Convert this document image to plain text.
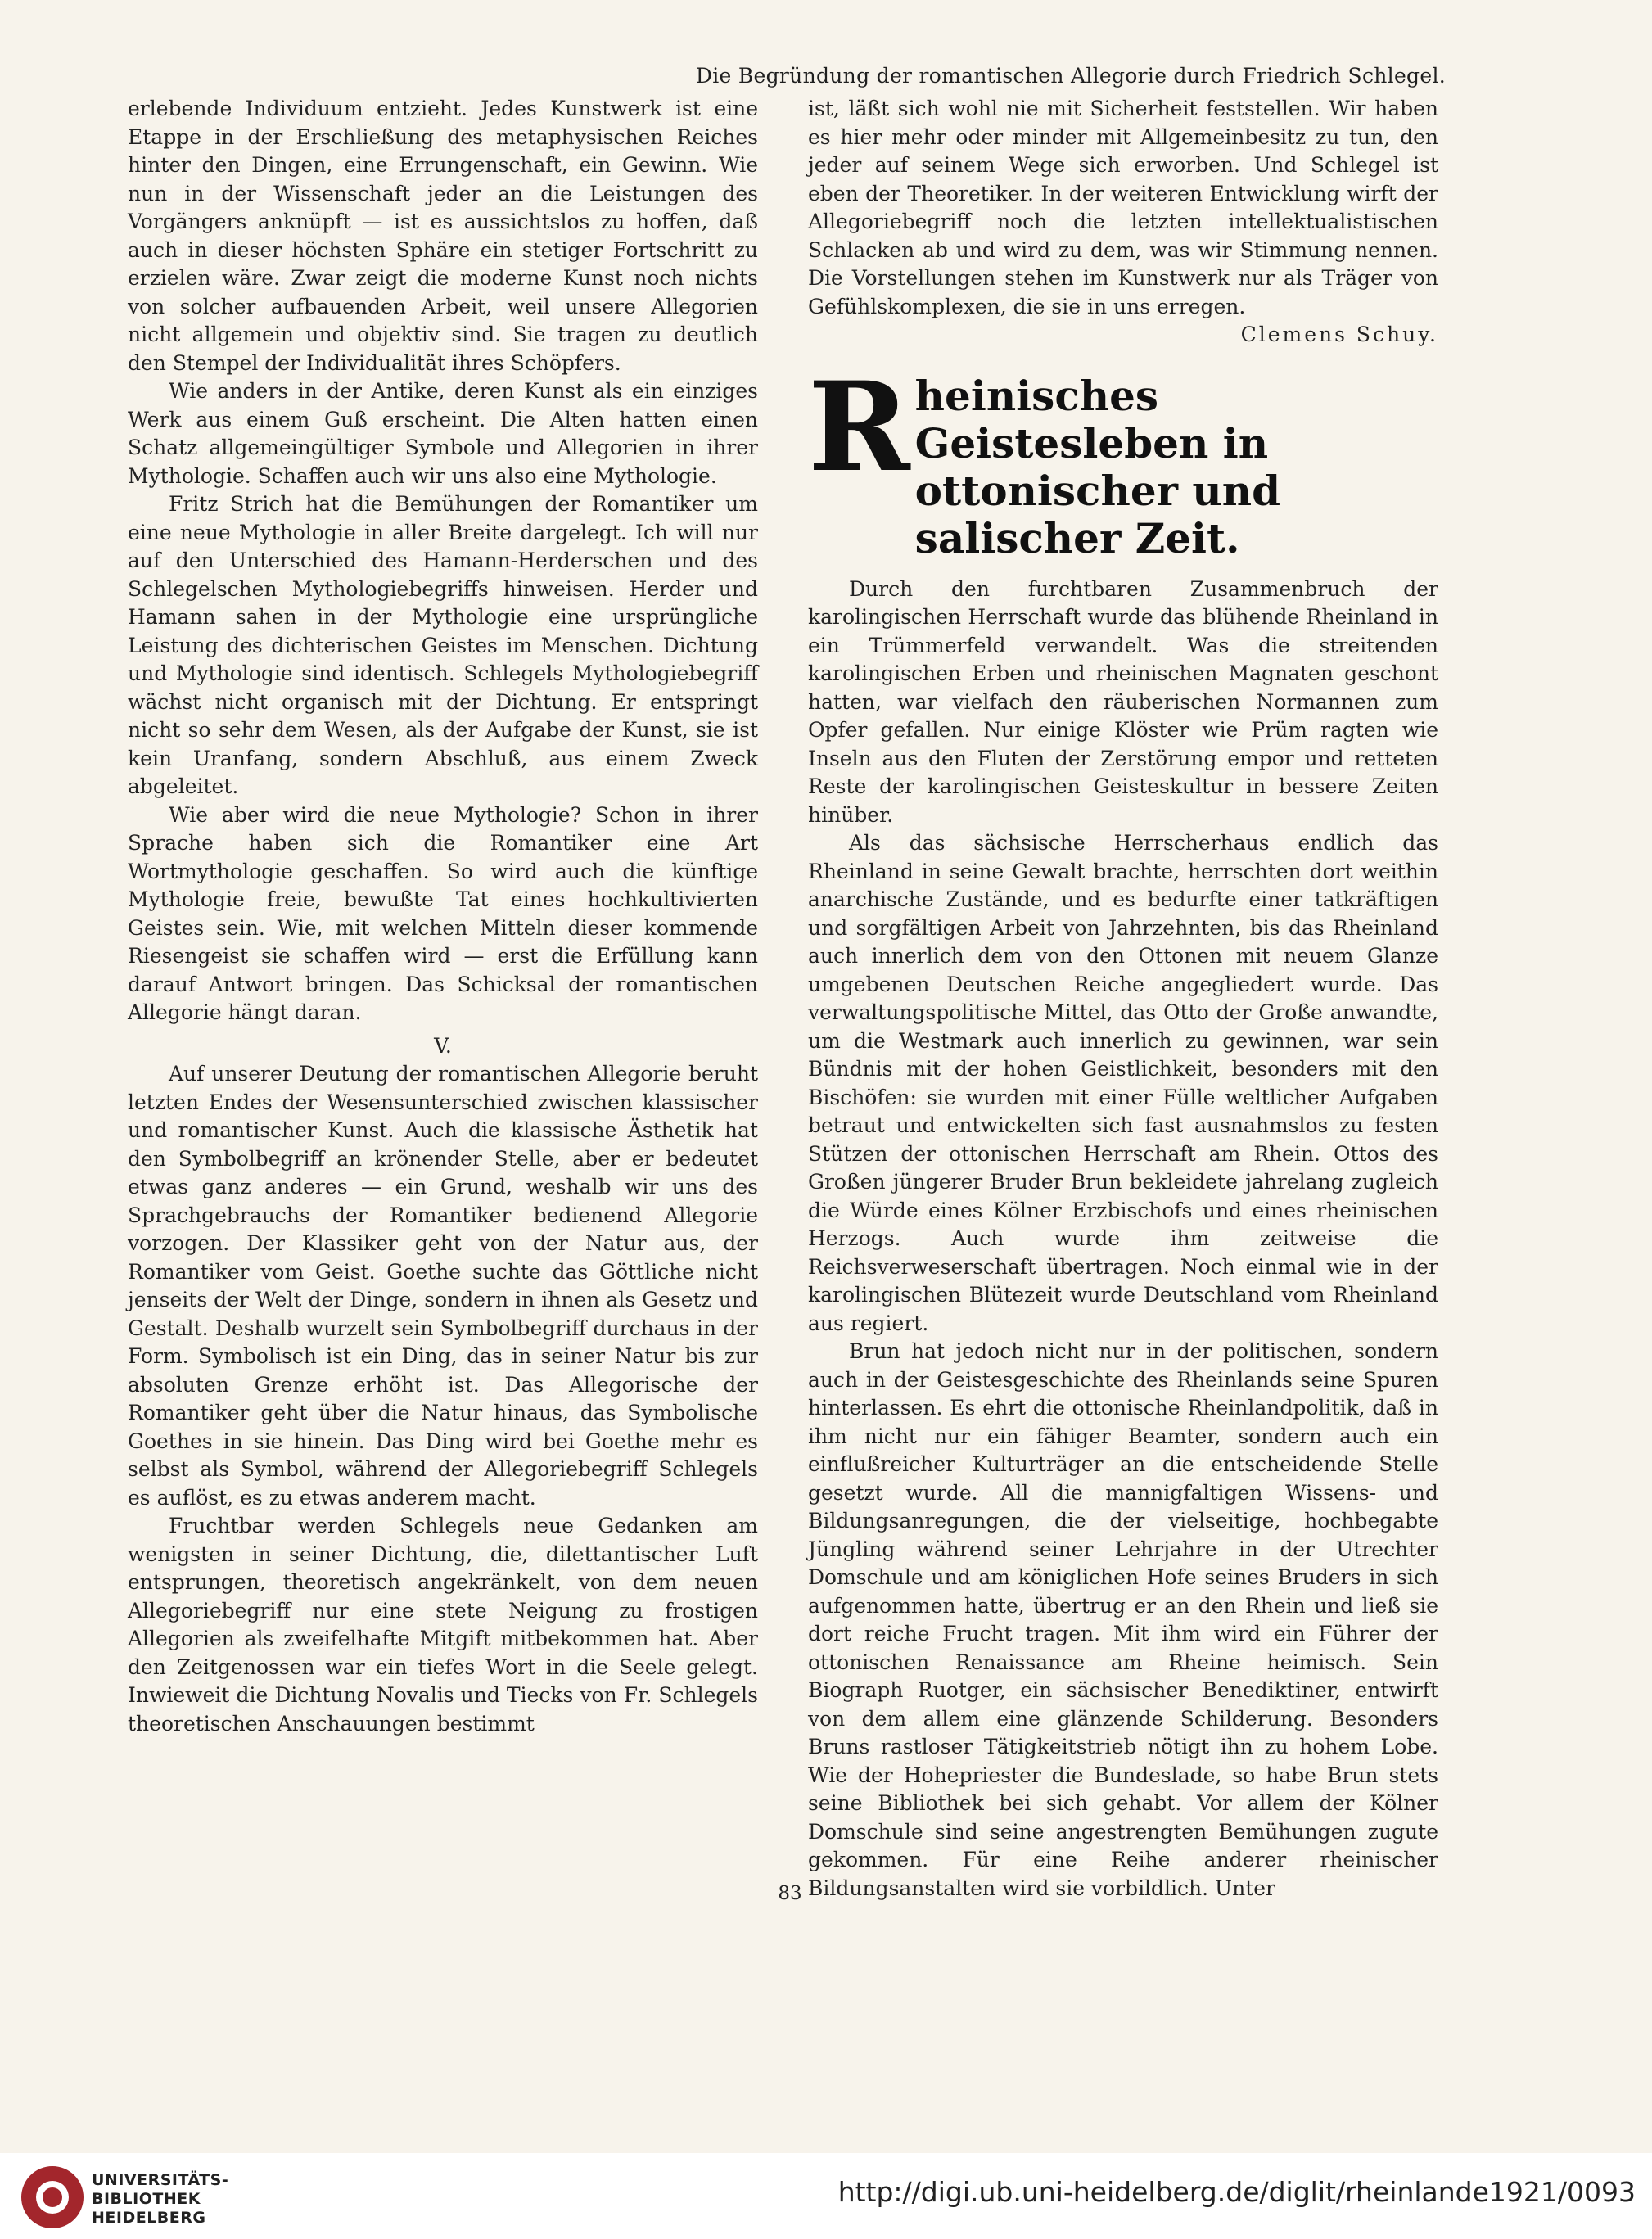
Die Begründung der romantischen Allegorie durch Friedrich Schlegel.

erlebende Individuum entzieht. Jedes Kunstwerk ist eine Etappe in der Erschließung des metaphysischen Reiches hinter den Dingen, eine Errungenschaft, ein Gewinn. Wie nun in der Wissenschaft jeder an die Leistungen des Vorgängers anknüpft — ist es aussichtslos zu hoffen, daß auch in dieser höchsten Sphäre ein stetiger Fortschritt zu erzielen wäre. Zwar zeigt die moderne Kunst noch nichts von solcher aufbauenden Arbeit, weil unsere Allegorien nicht allgemein und objektiv sind. Sie tragen zu deutlich den Stempel der Individualität ihres Schöpfers.

Wie anders in der Antike, deren Kunst als ein einziges Werk aus einem Guß erscheint. Die Alten hatten einen Schatz allgemeingültiger Symbole und Allegorien in ihrer Mythologie. Schaffen auch wir uns also eine Mythologie.

Fritz Strich hat die Bemühungen der Romantiker um eine neue Mythologie in aller Breite dargelegt. Ich will nur auf den Unterschied des Hamann-Herderschen und des Schlegelschen Mythologiebegriffs hinweisen. Herder und Hamann sahen in der Mythologie eine ursprüngliche Leistung des dichterischen Geistes im Menschen. Dichtung und Mythologie sind identisch. Schlegels Mythologiebegriff wächst nicht organisch mit der Dichtung. Er entspringt nicht so sehr dem Wesen, als der Aufgabe der Kunst, sie ist kein Uranfang, sondern Abschluß, aus einem Zweck abgeleitet.

Wie aber wird die neue Mythologie? Schon in ihrer Sprache haben sich die Romantiker eine Art Wortmythologie geschaffen. So wird auch die künftige Mythologie freie, bewußte Tat eines hochkultivierten Geistes sein. Wie, mit welchen Mitteln dieser kommende Riesengeist sie schaffen wird — erst die Erfüllung kann darauf Antwort bringen. Das Schicksal der romantischen Allegorie hängt daran.

V.

Auf unserer Deutung der romantischen Allegorie beruht letzten Endes der Wesensunterschied zwischen klassischer und romantischer Kunst. Auch die klassische Ästhetik hat den Symbolbegriff an krönender Stelle, aber er bedeutet etwas ganz anderes — ein Grund, weshalb wir uns des Sprachgebrauchs der Romantiker bedienend Allegorie vorzogen. Der Klassiker geht von der Natur aus, der Romantiker vom Geist. Goethe suchte das Göttliche nicht jenseits der Welt der Dinge, sondern in ihnen als Gesetz und Gestalt. Deshalb wurzelt sein Symbolbegriff durchaus in der Form. Symbolisch ist ein Ding, das in seiner Natur bis zur absoluten Grenze erhöht ist. Das Allegorische der Romantiker geht über die Natur hinaus, das Symbolische Goethes in sie hinein. Das Ding wird bei Goethe mehr es selbst als Symbol, während der Allegoriebegriff Schlegels es auflöst, es zu etwas anderem macht.

Fruchtbar werden Schlegels neue Gedanken am wenigsten in seiner Dichtung, die, dilettantischer Luft entsprungen, theoretisch angekränkelt, von dem neuen Allegoriebegriff nur eine stete Neigung zu frostigen Allegorien als zweifelhafte Mitgift mitbekommen hat. Aber den Zeitgenossen war ein tiefes Wort in die Seele gelegt. Inwieweit die Dichtung Novalis und Tiecks von Fr. Schlegels theoretischen Anschauungen bestimmt

ist, läßt sich wohl nie mit Sicherheit feststellen. Wir haben es hier mehr oder minder mit Allgemeinbesitz zu tun, den jeder auf seinem Wege sich erworben. Und Schlegel ist eben der Theoretiker. In der weiteren Entwicklung wirft der Allegoriebegriff noch die letzten intellektualistischen Schlacken ab und wird zu dem, was wir Stimmung nennen. Die Vorstellungen stehen im Kunstwerk nur als Träger von Gefühlskomplexen, die sie in uns erregen.

Clemens Schuy.
R heinisches Geistesleben in ottonischer und salischer Zeit.

Durch den furchtbaren Zusammenbruch der karolingischen Herrschaft wurde das blühende Rheinland in ein Trümmerfeld verwandelt. Was die streitenden karolingischen Erben und rheinischen Magnaten geschont hatten, war vielfach den räuberischen Normannen zum Opfer gefallen. Nur einige Klöster wie Prüm ragten wie Inseln aus den Fluten der Zerstörung empor und retteten Reste der karolingischen Geisteskultur in bessere Zeiten hinüber.

Als das sächsische Herrscherhaus endlich das Rheinland in seine Gewalt brachte, herrschten dort weithin anarchische Zustände, und es bedurfte einer tatkräftigen und sorgfältigen Arbeit von Jahrzehnten, bis das Rheinland auch innerlich dem von den Ottonen mit neuem Glanze umgebenen Deutschen Reiche angegliedert wurde. Das verwaltungspolitische Mittel, das Otto der Große anwandte, um die Westmark auch innerlich zu gewinnen, war sein Bündnis mit der hohen Geistlichkeit, besonders mit den Bischöfen: sie wurden mit einer Fülle weltlicher Aufgaben betraut und entwickelten sich fast ausnahmslos zu festen Stützen der ottonischen Herrschaft am Rhein. Ottos des Großen jüngerer Bruder Brun bekleidete jahrelang zugleich die Würde eines Kölner Erzbischofs und eines rheinischen Herzogs. Auch wurde ihm zeitweise die Reichsverweserschaft übertragen. Noch einmal wie in der karolingischen Blütezeit wurde Deutschland vom Rheinland aus regiert.

Brun hat jedoch nicht nur in der politischen, sondern auch in der Geistesgeschichte des Rheinlands seine Spuren hinterlassen. Es ehrt die ottonische Rheinlandpolitik, daß in ihm nicht nur ein fähiger Beamter, sondern auch ein einflußreicher Kulturträger an die entscheidende Stelle gesetzt wurde. All die mannigfaltigen Wissens- und Bildungsanregungen, die der vielseitige, hochbegabte Jüngling während seiner Lehrjahre in der Utrechter Domschule und am königlichen Hofe seines Bruders in sich aufgenommen hatte, übertrug er an den Rhein und ließ sie dort reiche Frucht tragen. Mit ihm wird ein Führer der ottonischen Renaissance am Rheine heimisch. Sein Biograph Ruotger, ein sächsischer Benediktiner, entwirft von dem allem eine glänzende Schilderung. Besonders Bruns rastloser Tätigkeitstrieb nötigt ihn zu hohem Lobe. Wie der Hohepriester die Bundeslade, so habe Brun stets seine Bibliothek bei sich gehabt. Vor allem der Kölner Domschule sind seine angestrengten Bemühungen zugute gekommen. Für eine Reihe anderer rheinischer Bildungsanstalten wird sie vorbildlich. Unter

83
UNIVERSITÄTS-
BIBLIOTHEK
HEIDELBERG
http://digi.ub.uni-heidelberg.de/diglit/rheinlande1921/0093
